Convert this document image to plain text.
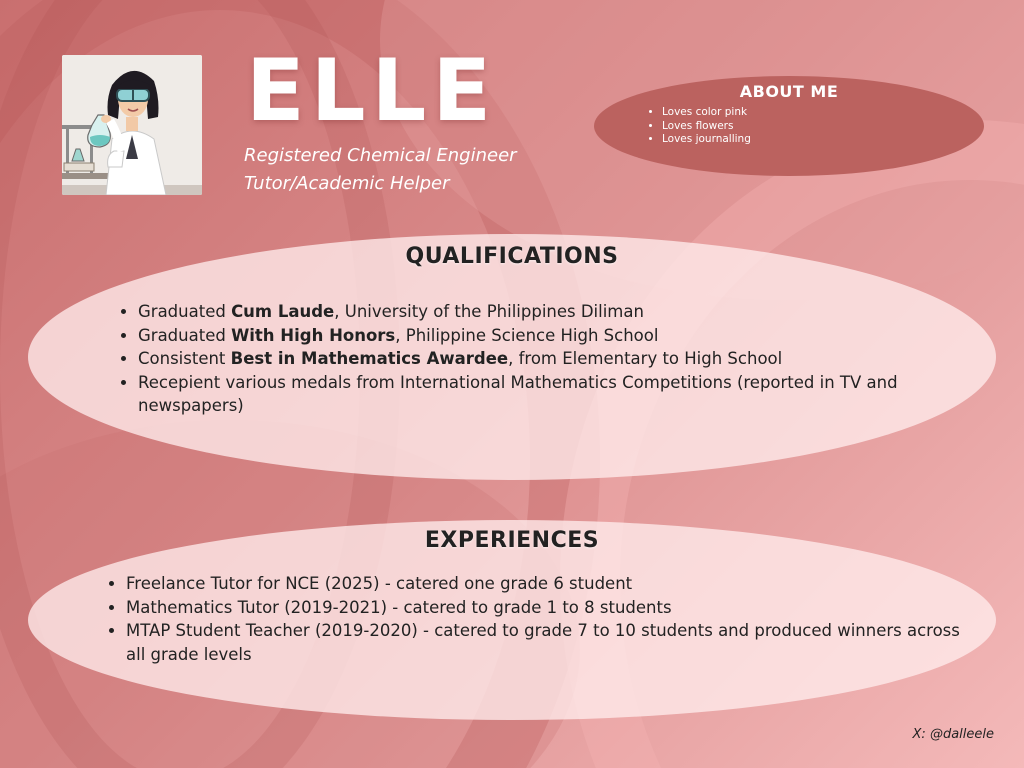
ELLE
Registered Chemical Engineer
Tutor/Academic Helper
ABOUT ME
• Loves color pink
• Loves flowers
• Loves journalling
QUALIFICATIONS
• Graduated Cum Laude, University of the Philippines Diliman
• Graduated With High Honors, Philippine Science High School
• Consistent Best in Mathematics Awardee, from Elementary to High School
• Recepient various medals from International Mathematics Competitions (reported in TV and newspapers)
EXPERIENCES
• Freelance Tutor for NCE (2025) - catered one grade 6 student
• Mathematics Tutor (2019-2021) - catered to grade 1 to 8 students
• MTAP Student Teacher (2019-2020) - catered to grade 7 to 10 students and produced winners across all grade levels
X: @dalleele
